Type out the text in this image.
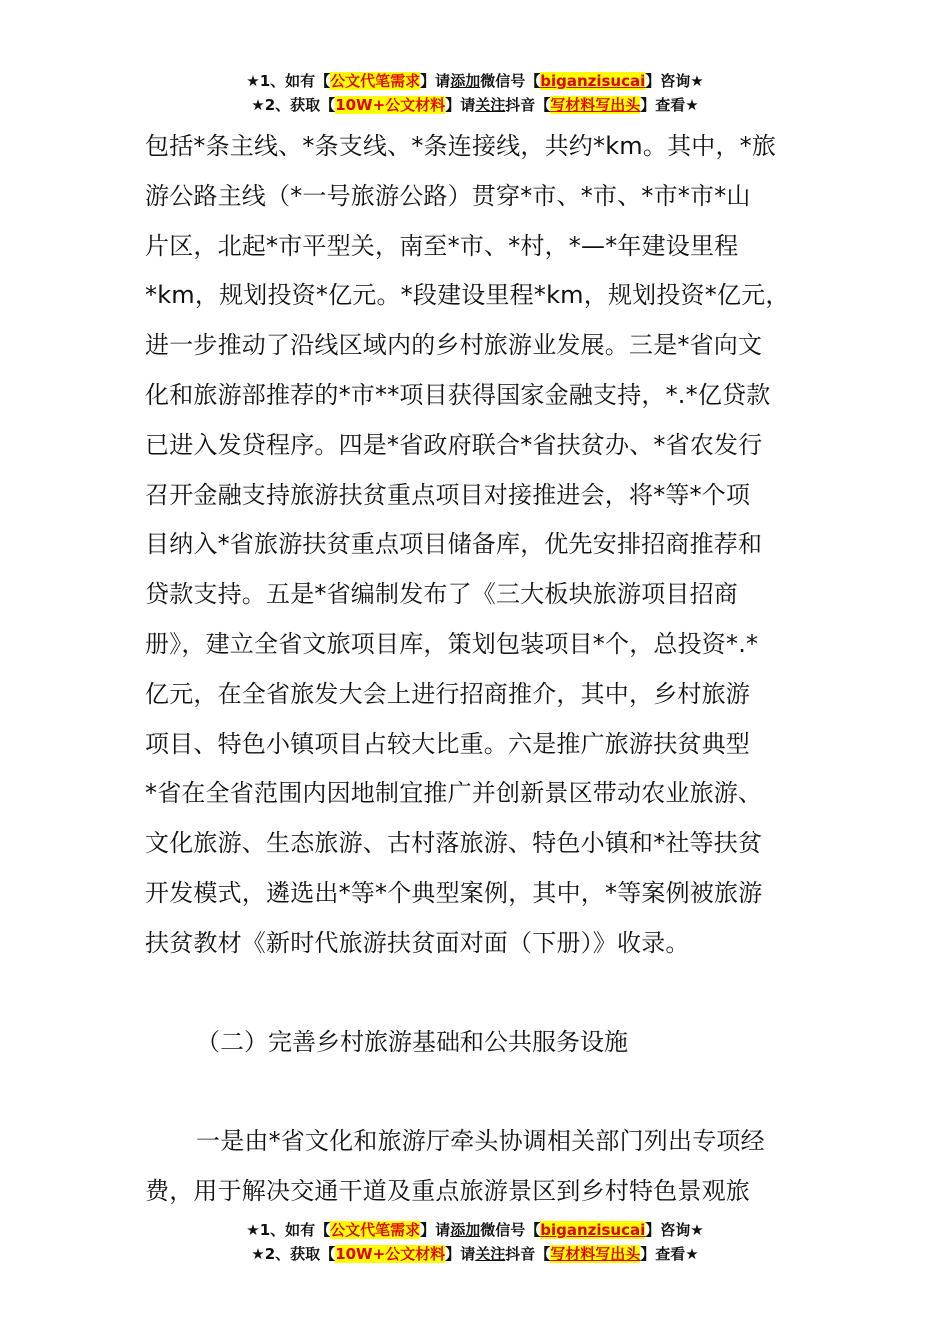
★1、如有【公文代笔需求】请添加微信号【biganzisucai】咨询★
★2、获取【10W+公文材料】请关注抖音【写材料写出头】查看★
包括*条主线、*条支线、*条连接线，共约*km。其中，*旅
游公路主线（*一号旅游公路）贯穿*市、*市、*市*市*山
片区，北起*市平型关，南至*市、*村，*—*年建设里程
*km，规划投资*亿元。*段建设里程*km，规划投资*亿元，
进一步推动了沿线区域内的乡村旅游业发展。三是*省向文
化和旅游部推荐的*市**项目获得国家金融支持，*.*亿贷款
已进入发贷程序。四是*省政府联合*省扶贫办、*省农发行
召开金融支持旅游扶贫重点项目对接推进会，将*等*个项
目纳入*省旅游扶贫重点项目储备库，优先安排招商推荐和
贷款支持。五是*省编制发布了《三大板块旅游项目招商
册》，建立全省文旅项目库，策划包装项目*个，总投资*.*
亿元，在全省旅发大会上进行招商推介，其中，乡村旅游
项目、特色小镇项目占较大比重。六是推广旅游扶贫典型
*省在全省范围内因地制宜推广并创新景区带动农业旅游、
文化旅游、生态旅游、古村落旅游、特色小镇和*社等扶贫
开发模式，遴选出*等*个典型案例，其中，*等案例被旅游
扶贫教材《新时代旅游扶贫面对面（下册）》收录。
（二）完善乡村旅游基础和公共服务设施
一是由*省文化和旅游厅牵头协调相关部门列出专项经
费，用于解决交通干道及重点旅游景区到乡村特色景观旅
★1、如有【公文代笔需求】请添加微信号【biganzisucai】咨询★
★2、获取【10W+公文材料】请关注抖音【写材料写出头】查看★
